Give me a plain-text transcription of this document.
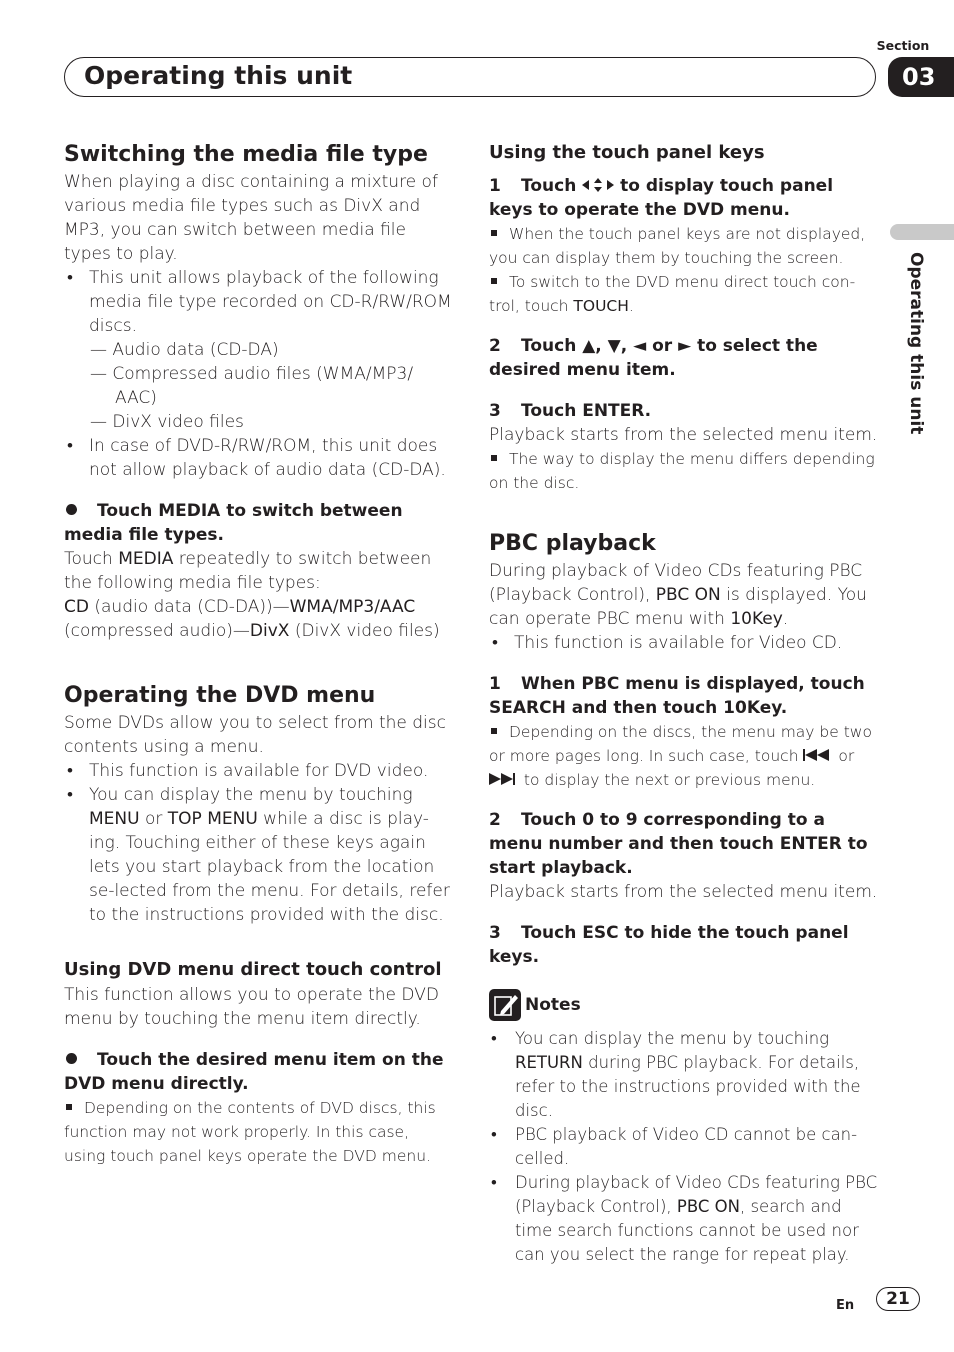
Section
Operating this unit	03
Operating this unit
Switching the media file type

When playing a disc containing a mixture of various media file types such as DivX and MP3, you can switch between media file types to play.

• This unit allows playback of the following media file type recorded on CD-R/RW/ROM discs.

— Audio data (CD-DA)

— Compressed audio files (WMA/MP3/ AAC)

— DivX video files

• In case of DVD-R/RW/ROM, this unit does not allow playback of audio data (CD-DA).

Touch MEDIA to switch between media file types.

Touch MEDIA repeatedly to switch between the following media file types:
CD (audio data (CD-DA))—WMA/MP3/AAC (compressed audio)—DivX (DivX video files)

Operating the DVD menu

Some DVDs allow you to select from the disc contents using a menu.

• This function is available for DVD video.

• You can display the menu by touching MENU or TOP MENU while a disc is play-ing. Touching either of these keys again lets you start playback from the location se-lected from the menu. For details, refer to the instructions provided with the disc.

Using DVD menu direct touch control

This function allows you to operate the DVD menu by touching the menu item directly.

Touch the desired menu item on the DVD menu directly.

Depending on the contents of DVD discs, this function may not work properly. In this case, using touch panel keys operate the DVD menu.

Using the touch panel keys

1 Touch  to display touch panel keys to operate the DVD menu.

When the touch panel keys are not displayed, you can display them by touching the screen.

To switch to the DVD menu direct touch con-trol, touch TOUCH.

2 Touch ▲, ▼, ◄ or ► to select the desired menu item.

3 Touch ENTER.

Playback starts from the selected menu item.

The way to display the menu differs depending on the disc.

PBC playback

During playback of Video CDs featuring PBC (Playback Control), PBC ON is displayed. You can operate PBC menu with 10Key.

• This function is available for Video CD.

1 When PBC menu is displayed, touch SEARCH and then touch 10Key.

Depending on the discs, the menu may be two or more pages long. In such case, touch  or  to display the next or previous menu.

2 Touch 0 to 9 corresponding to a menu number and then touch ENTER to start playback.

Playback starts from the selected menu item.

3 Touch ESC to hide the touch panel keys.

Notes

• You can display the menu by touching RETURN during PBC playback. For details, refer to the instructions provided with the disc.

• PBC playback of Video CD cannot be can-celled.

• During playback of Video CDs featuring PBC (Playback Control), PBC ON, search and time search functions cannot be used nor can you select the range for repeat play.

En	21
